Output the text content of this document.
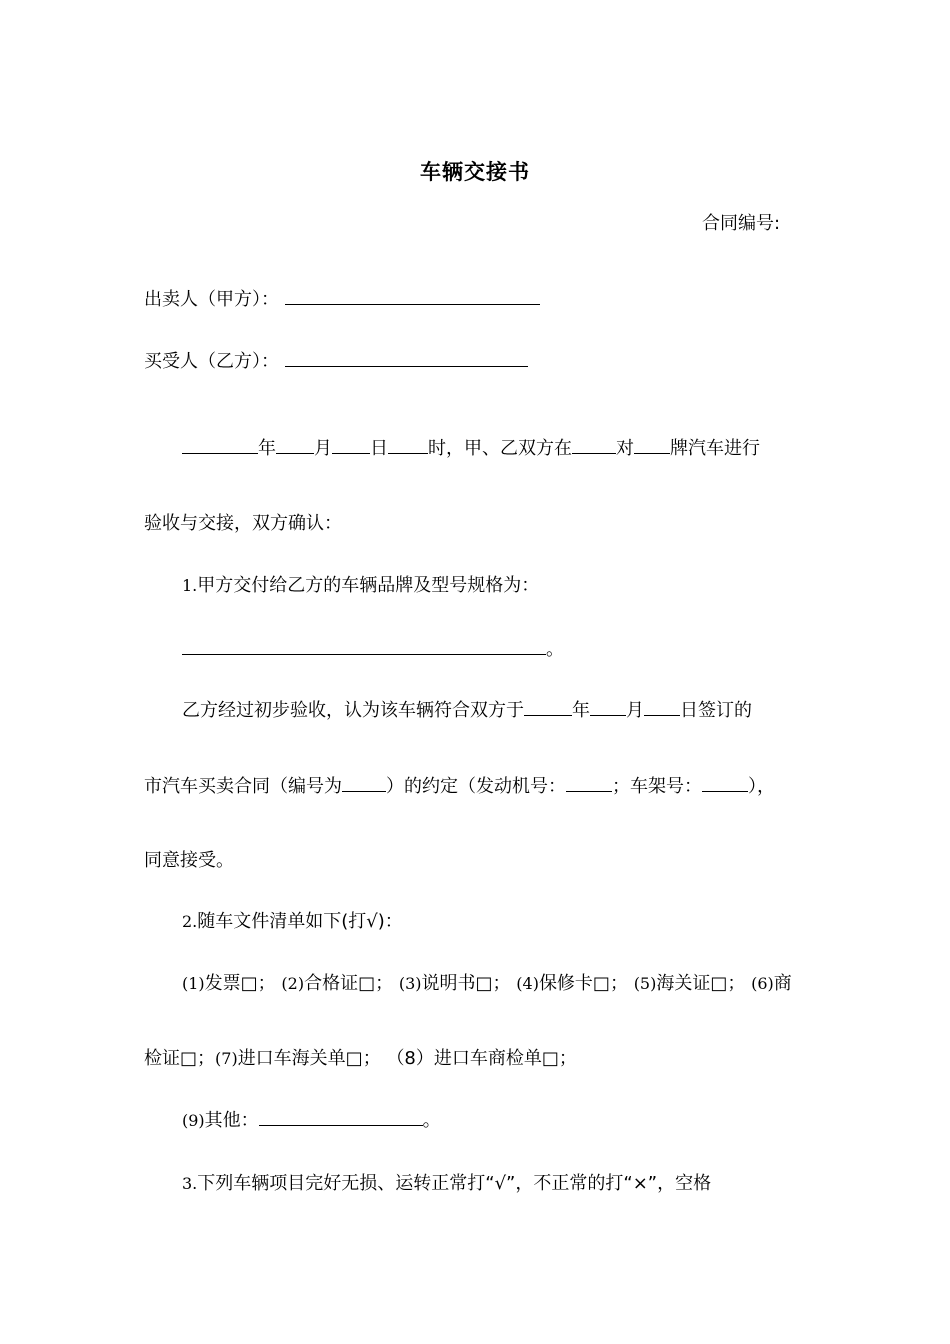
车辆交接书
合同编号:
出卖人（甲方）：
买受人（乙方）：
年 月 日 时，甲、乙双方在 对 牌汽车进行
验收与交接，双方确认：
1.甲方交付给乙方的车辆品牌及型号规格为：
。
乙方经过初步验收，认为该车辆符合双方于	年 月 日签订的
市汽车买卖合同（编号为 ）的约定（发动机号：	；车架号：	），
同意接受。
2.随车文件清单如下(打√)：
(1)发票□； (2)合格证□； (3)说明书□； (4)保修卡□； (5)海关证□； (6)商
检证□；(7)进口车海关单□； （8）进口车商检单□；
(9)其他：	。
3.下列车辆项目完好无损、运转正常打“√”，不正常的打“×”，空格
